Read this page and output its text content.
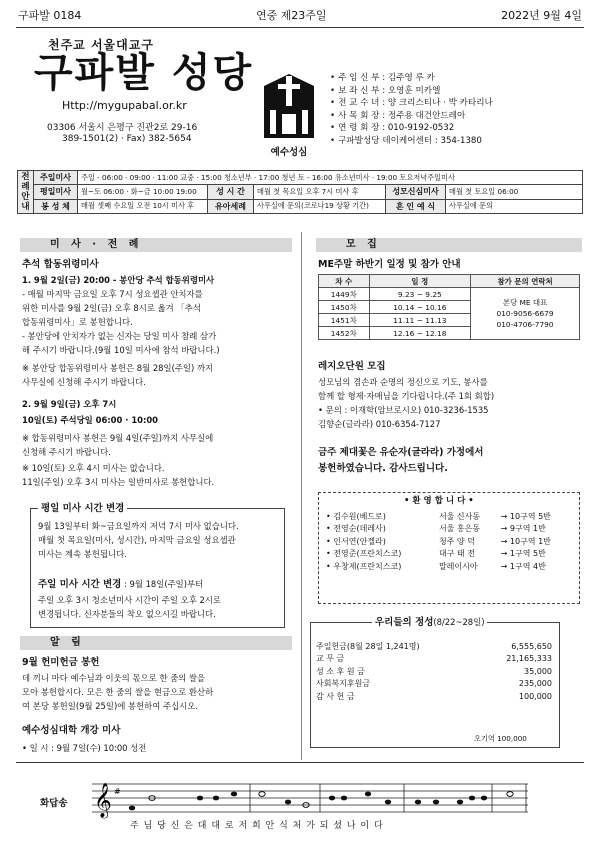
구파발 0184	연중 제23주일	2022년 9월 4일
천주교 서울대교구
구파발 성당
Http://mygupabal.or.kr
03306 서울시 은평구 진관2로 29-16
389-1501(2) · Fax) 382-5654
예수성심
• 주 임 신 부 : 김주영 루 카
• 보 좌 신 부 : 오영훈 미카엘
• 전 교 수 녀 : 양 크리스티나 · 박 카타리나
• 사 목 회 장 : 정주용 대건안드레아
• 연 령 회 장 : 010-9192-0532
• 구파발성당 데이케어센터 : 354-1380
전례안내	주일미사	주일 - 06:00 · 09:00 · 11:00 교중 · 15:00 청소년부 · 17:00 청년 토 - 16:00 유소년미사 · 19:00 토요저녁주일미사				
	평일미사	월~토 06:00 · 화~금 10:00 19:00	성 시 간	매월 첫 목요일 오후 7시 미사 후	성모신심미사	매월 첫 토요일 06:00
	봉 성 체	매월 셋째 수요일 오전 10시 미사 후	유아세례	사무실에 문의(코로나19 상황 기간)	혼 인 예 식	사무실에 문의
미 사 · 전 례
추석 합동위령미사
1. 9월 2일(금) 20:00 - 봉안당 추석 합동위령미사
- 매월 마지막 금요일 오후 7시 성요셉관 안치자를
위한 미사를 9월 2일(금) 오후 8시로 옮겨 「추석
합동위령미사」로 봉헌합니다.
- 봉안당에 안치자가 없는 신자는 당일 미사 참례 삼가
해 주시기 바랍니다.(9월 10일 미사에 참석 바랍니다.)
※ 봉안당 합동위령미사 봉헌은 8월 28일(주일) 까지
사무실에 신청해 주시기 바랍니다.
2. 9월 9일(금) 오후 7시
10일(토) 주석당일 06:00 · 10:00
※ 합동위령미사 봉헌은 9월 4일(주일)까지 사무실에
신청해 주시기 바랍니다.
※ 10일(토) 오후 4시 미사는 없습니다.
11일(주일) 오후 3시 미사는 일반미사로 봉헌합니다.
평일 미사 시간 변경
9월 13일부터 화~금요일까지 저녁 7시 미사 없습니다.
매월 첫 목요일(미사, 성시간), 마지막 금요일 성요셉관
미사는 계속 봉헌됩니다.
주일 미사 시간 변경 : 9월 18일(주일)부터
주일 오후 3시 청소년미사 시간이 주일 오후 2시로
변경됩니다. 신자분들의 착오 없으시길 바랍니다.
알 림
9월 헌미헌금 봉헌
데 끼니 마다 예수님과 이웃의 몫으로 한 줌의 쌀을
모아 봉헌합시다. 모은 한 줌의 쌀을 현금으로 환산하
여 본당 봉헌일(9월 25일)에 봉헌하여 주십시오.
예수성심대학 개강 미사
• 일 시 : 9월 7일(수) 10:00 성전
모 집
ME주말 하반기 일정 및 참가 안내
차 수	일 정	참가 문의 연락처
1449차	9.23 ~ 9.25	본당 ME 대표
010-9056-6679
010-4706-7790

1450차	10.14 ~ 10.16	
1451차	11.11 ~ 11.13	
1452차	12.16 ~ 12.18	
레지오단원 모집
성모님의 겸손과 순명의 정신으로 기도, 봉사를
함께 할 형제·자매님을 기다립니다.(주 1회 회합)
• 문의 : 이재학(암브로시오) 010-3236-1535
김향순(글라라) 010-6354-7127
금주 제대꽃은 유순자(글라라) 가정에서
봉헌하였습니다. 감사드립니다.
• 환 영 합 니 다 •
• 김수원(베드로)	서울 신사동	→ 10구역 5반
• 전영순(데레사)	서울 홍은동	→ 9구역 1반
• 인서연(안젤라)	청주 양 덕	→ 10구역 1반
• 전영준(프란치스코)	대구 태 전	→ 1구역 5반
• 우창제(프란치스코)	말레이시아	→ 1구역 4반
우리들의 정성(8/22~28일)
주일헌금(8월 28일 1,241명)	6,555,650
교 무 금	21,165,333
성 소 후 원 금	35,000
사회복지후원금	235,000
감 사 헌 금	100,000
오기역 100,000
화답송 𝄞 #
주 님 당 신 은 대 대 로 저 희 안 식 처 가 되 셨 나 이 다
